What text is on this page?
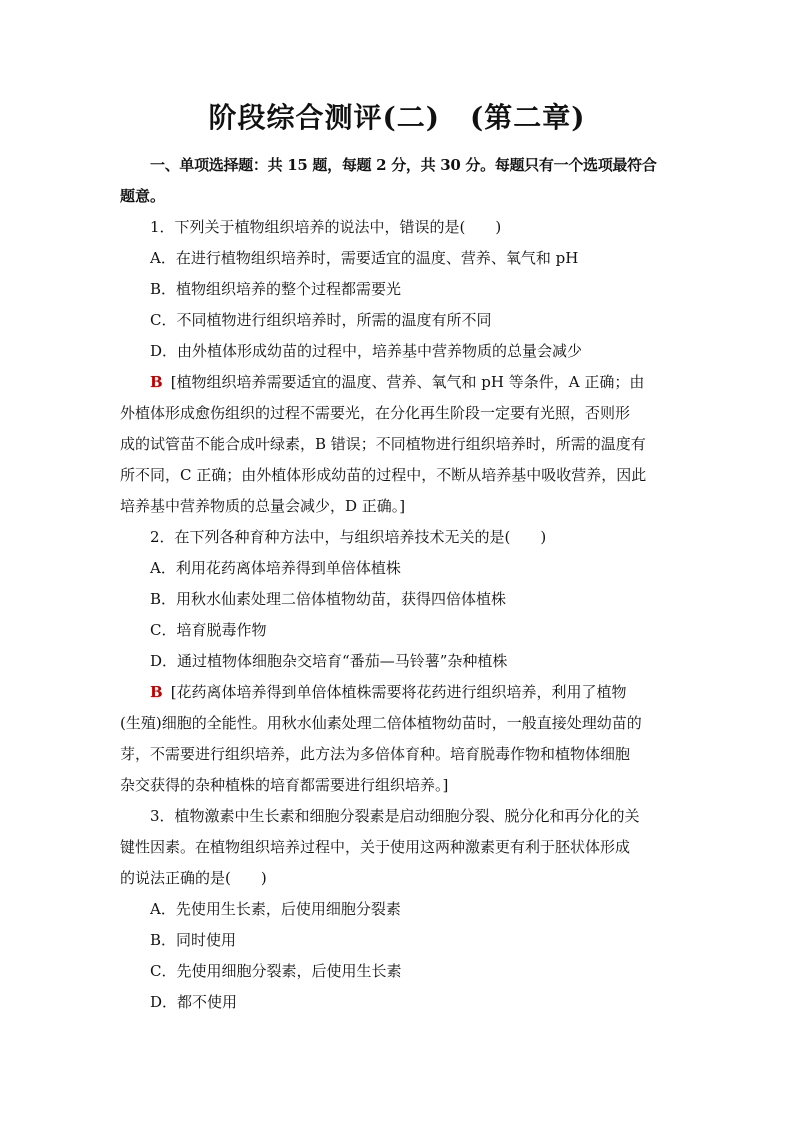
阶段综合测评(二) (第二章)

一、单项选择题：共 15 题，每题 2 分，共 30 分。每题只有一个选项最符合

题意。

1．下列关于植物组织培养的说法中，错误的是(　　)

A．在进行植物组织培养时，需要适宜的温度、营养、氧气和 pH

B．植物组织培养的整个过程都需要光

C．不同植物进行组织培养时，所需的温度有所不同

D．由外植体形成幼苗的过程中，培养基中营养物质的总量会减少

B [植物组织培养需要适宜的温度、营养、氧气和 pH 等条件，A 正确；由

外植体形成愈伤组织的过程不需要光，在分化再生阶段一定要有光照，否则形

成的试管苗不能合成叶绿素，B 错误；不同植物进行组织培养时，所需的温度有

所不同，C 正确；由外植体形成幼苗的过程中，不断从培养基中吸收营养，因此

培养基中营养物质的总量会减少，D 正确。]

2．在下列各种育种方法中，与组织培养技术无关的是(　　)

A．利用花药离体培养得到单倍体植株

B．用秋水仙素处理二倍体植物幼苗，获得四倍体植株

C．培育脱毒作物

D．通过植物体细胞杂交培育“番茄—马铃薯”杂种植株

B [花药离体培养得到单倍体植株需要将花药进行组织培养，利用了植物

(生殖)细胞的全能性。用秋水仙素处理二倍体植物幼苗时，一般直接处理幼苗的

芽，不需要进行组织培养，此方法为多倍体育种。培育脱毒作物和植物体细胞

杂交获得的杂种植株的培育都需要进行组织培养。]

3．植物激素中生长素和细胞分裂素是启动细胞分裂、脱分化和再分化的关

键性因素。在植物组织培养过程中，关于使用这两种激素更有利于胚状体形成

的说法正确的是(　　)

A．先使用生长素，后使用细胞分裂素

B．同时使用

C．先使用细胞分裂素，后使用生长素

D．都不使用
